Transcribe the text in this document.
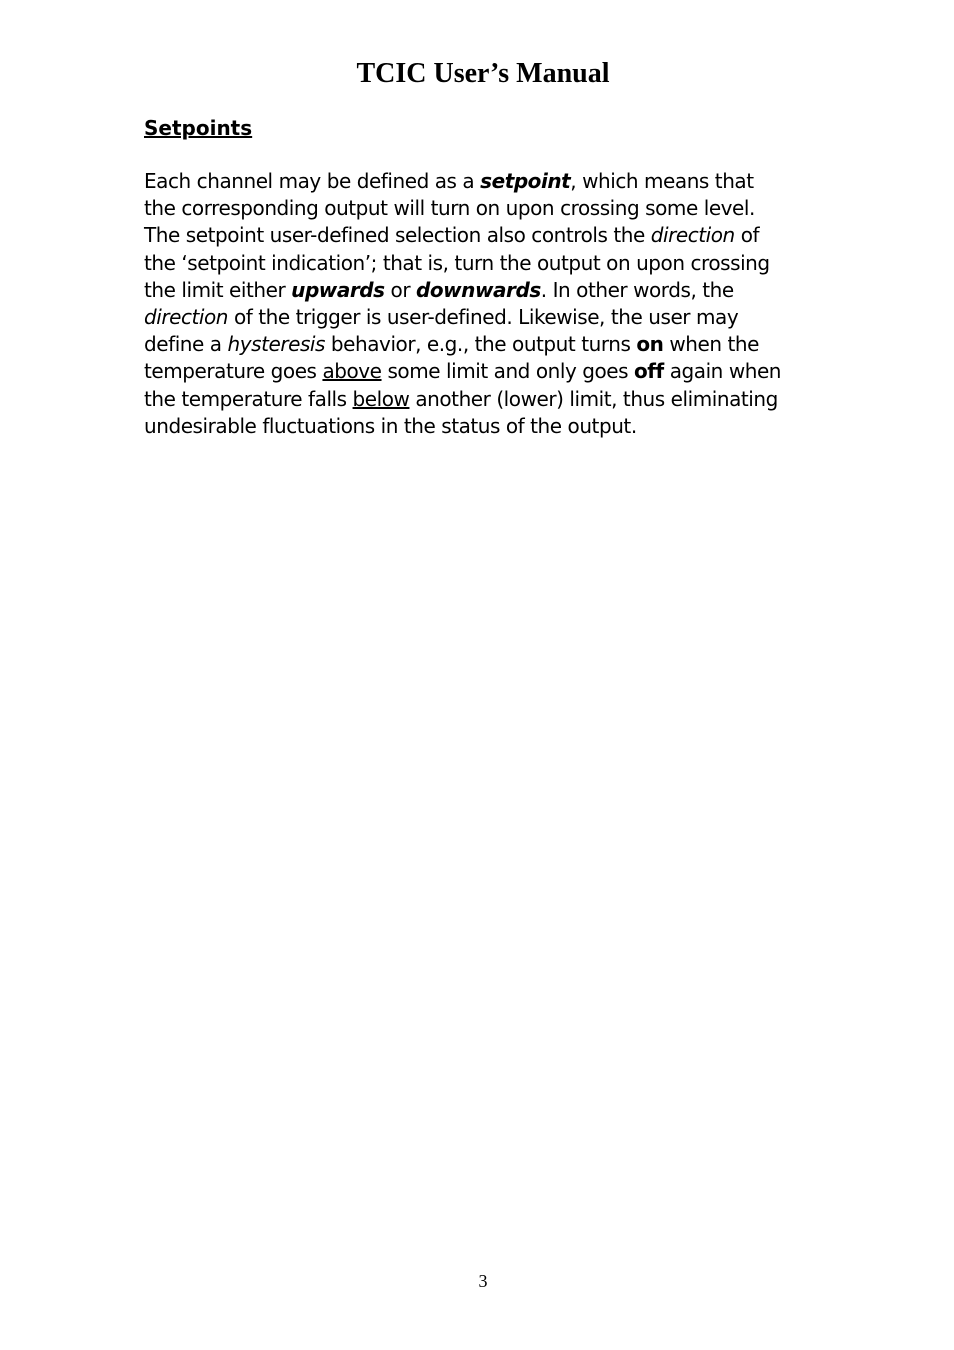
TCIC User’s Manual
Setpoints

Each channel may be defined as a setpoint, which means that
the corresponding output will turn on upon crossing some level.
The setpoint user-defined selection also controls the direction of
the ‘setpoint indication’; that is, turn the output on upon crossing
the limit either upwards or downwards. In other words, the
direction of the trigger is user-defined. Likewise, the user may
define a hysteresis behavior, e.g., the output turns on when the
temperature goes above some limit and only goes off again when
the temperature falls below another (lower) limit, thus eliminating
undesirable fluctuations in the status of the output.

3
